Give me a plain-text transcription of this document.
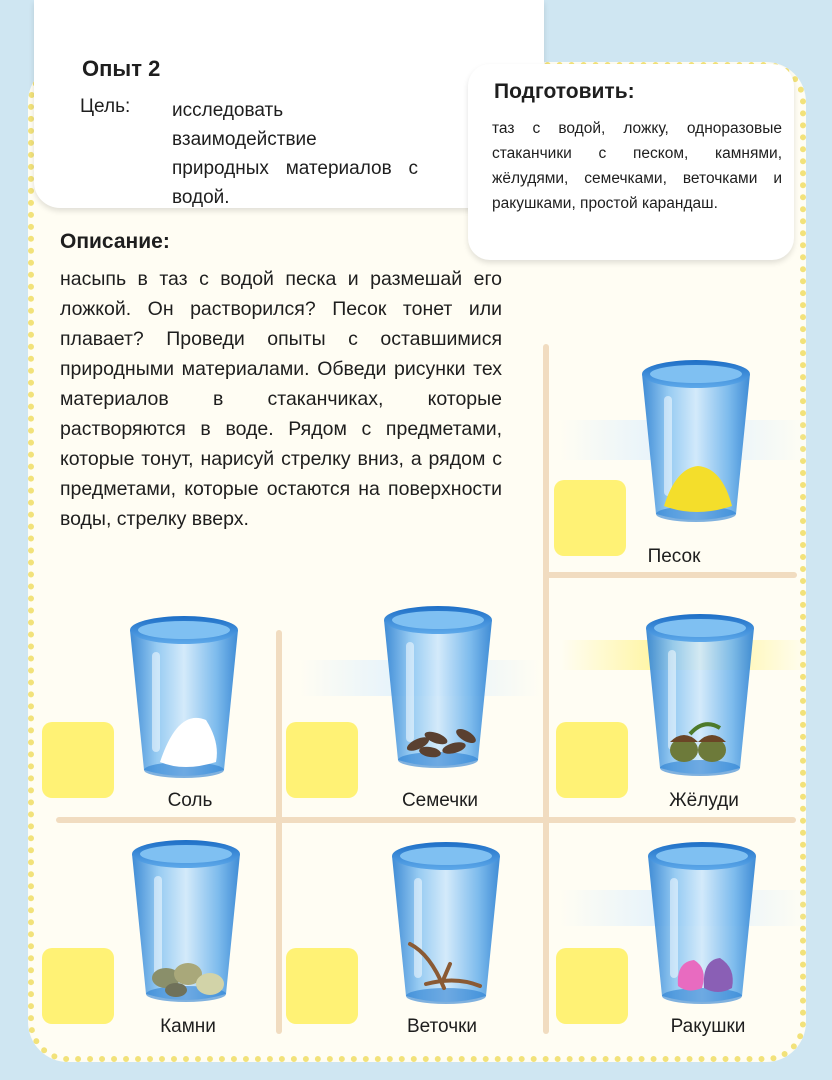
Опыт 2
Цель: исследовать взаимодействие природных материалов с водой.
Подготовить:
таз с водой, ложку, одноразовые стаканчики с песком, камнями, жёлудями, семечками, веточками и ракушками, простой карандаш.
Описание:
насыпь в таз с водой песка и размешай его ложкой. Он растворился? Песок тонет или плавает? Проведи опыты с оставшимися природными материалами. Обведи рисунки тех материалов в стаканчиках, которые растворяются в воде. Рядом с предметами, которые тонут, нарисуй стрелку вниз, а рядом с предметами, которые остаются на поверхности воды, стрелку вверх.
Песок
Соль	Семечки	Жёлуди
Камни	Веточки	Ракушки
